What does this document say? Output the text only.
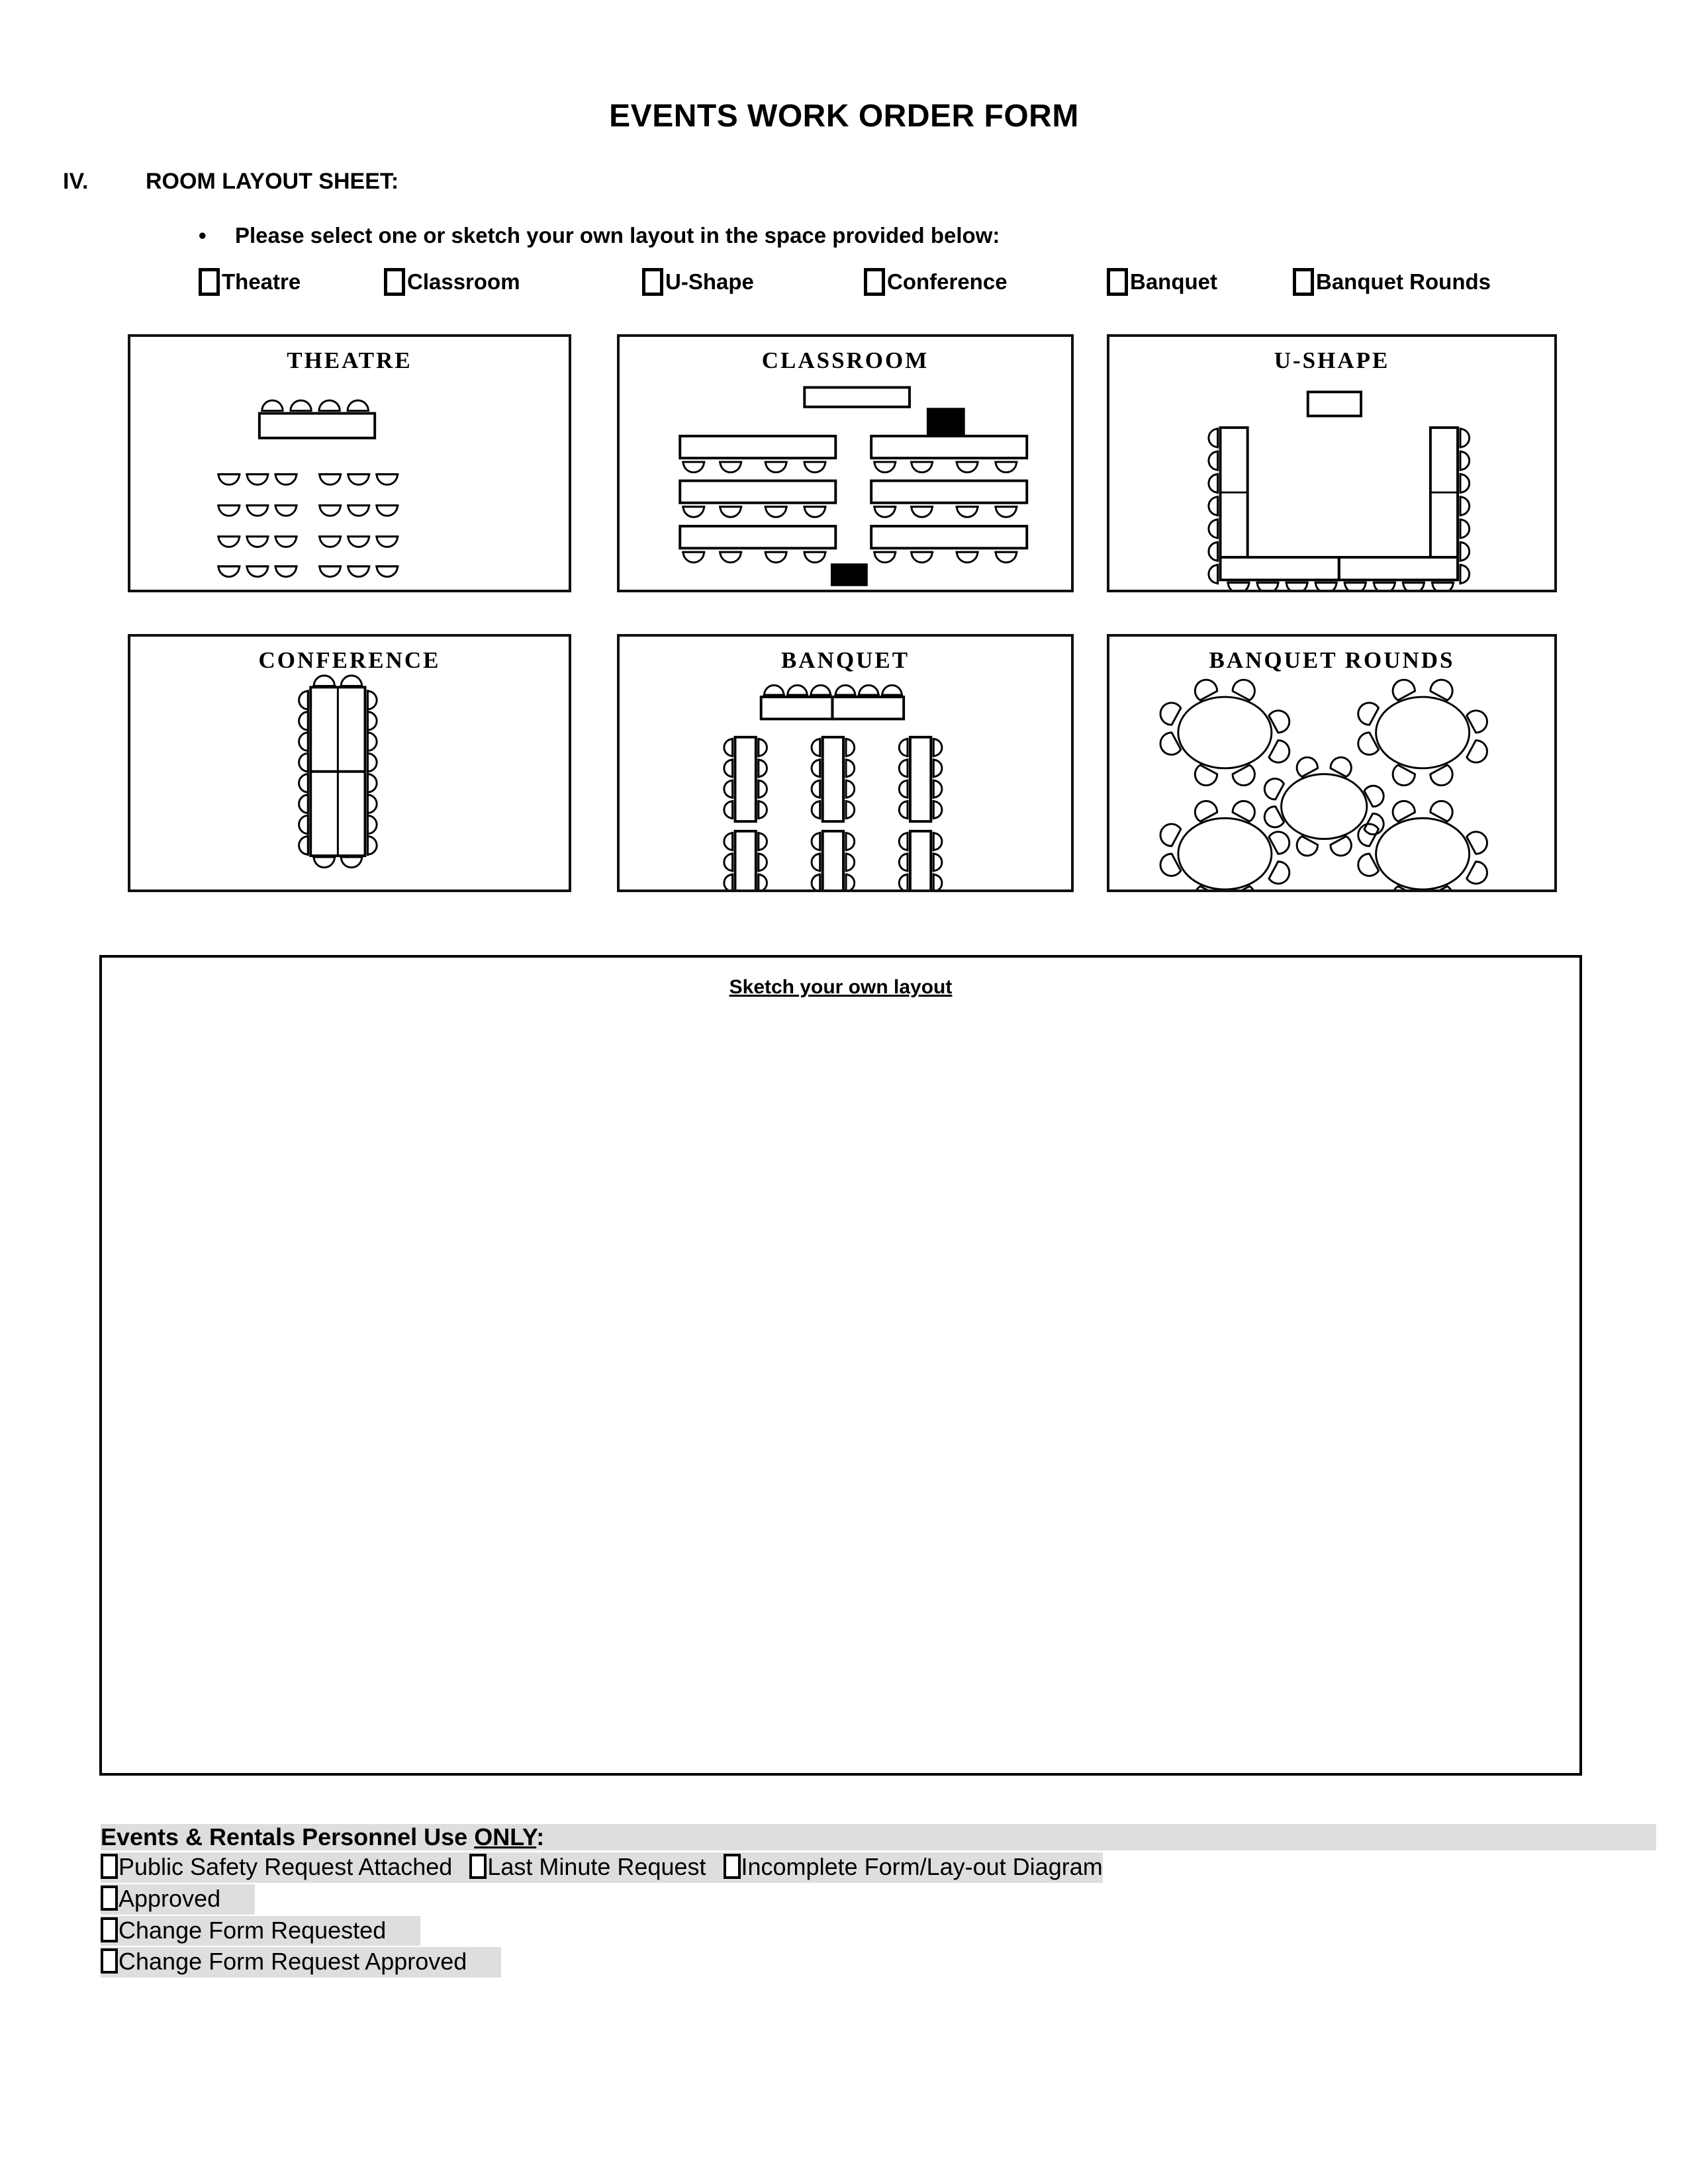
EVENTS WORK ORDER FORM
IV.	ROOM LAYOUT SHEET:
• Please select one or sketch your own layout in the space provided below:
Theatre	Classroom	U-Shape	Conference	Banquet	Banquet Rounds
THEATRE	CLASSROOM	U-SHAPE
CONFERENCE	BANQUET	BANQUET ROUNDS
Sketch your own layout
Events & Rentals Personnel Use ONLY:
Public Safety Request Attached Last Minute Request Incomplete Form/Lay-out Diagram
Approved
Change Form Requested
Change Form Request Approved
